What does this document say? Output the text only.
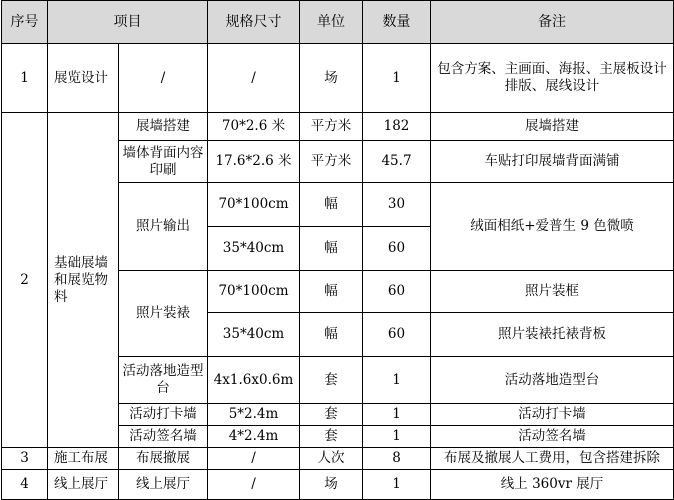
序号	项目		规格尺寸	单位	数量	备注
1	展览设计	/	/	场	1	包含方案、主画面、海报、主展板设计排版、展线设计
2	基础展墙和展览物料	展墙搭建	70*2.6 米	平方米	182	展墙搭建
		墙体背面内容印刷	17.6*2.6 米	平方米	45.7	车贴打印展墙背面满铺
		照片输出	70*100cm	幅	30	绒面相纸+爱普生 9 色微喷
			35*40cm	幅	60	
		照片装裱	70*100cm	幅	60	照片装框
			35*40cm	幅	60	照片装裱托裱背板
		活动落地造型台	4x1.6x0.6m	套	1	活动落地造型台
		活动打卡墙	5*2.4m	套	1	活动打卡墙
		活动签名墙	4*2.4m	套	1	活动签名墙

3	施工布展	布展撤展	/	人次	8	布展及撤展人工费用，包含搭建拆除
4	线上展厅	线上展厅	/	场	1	线上 360vr 展厅
